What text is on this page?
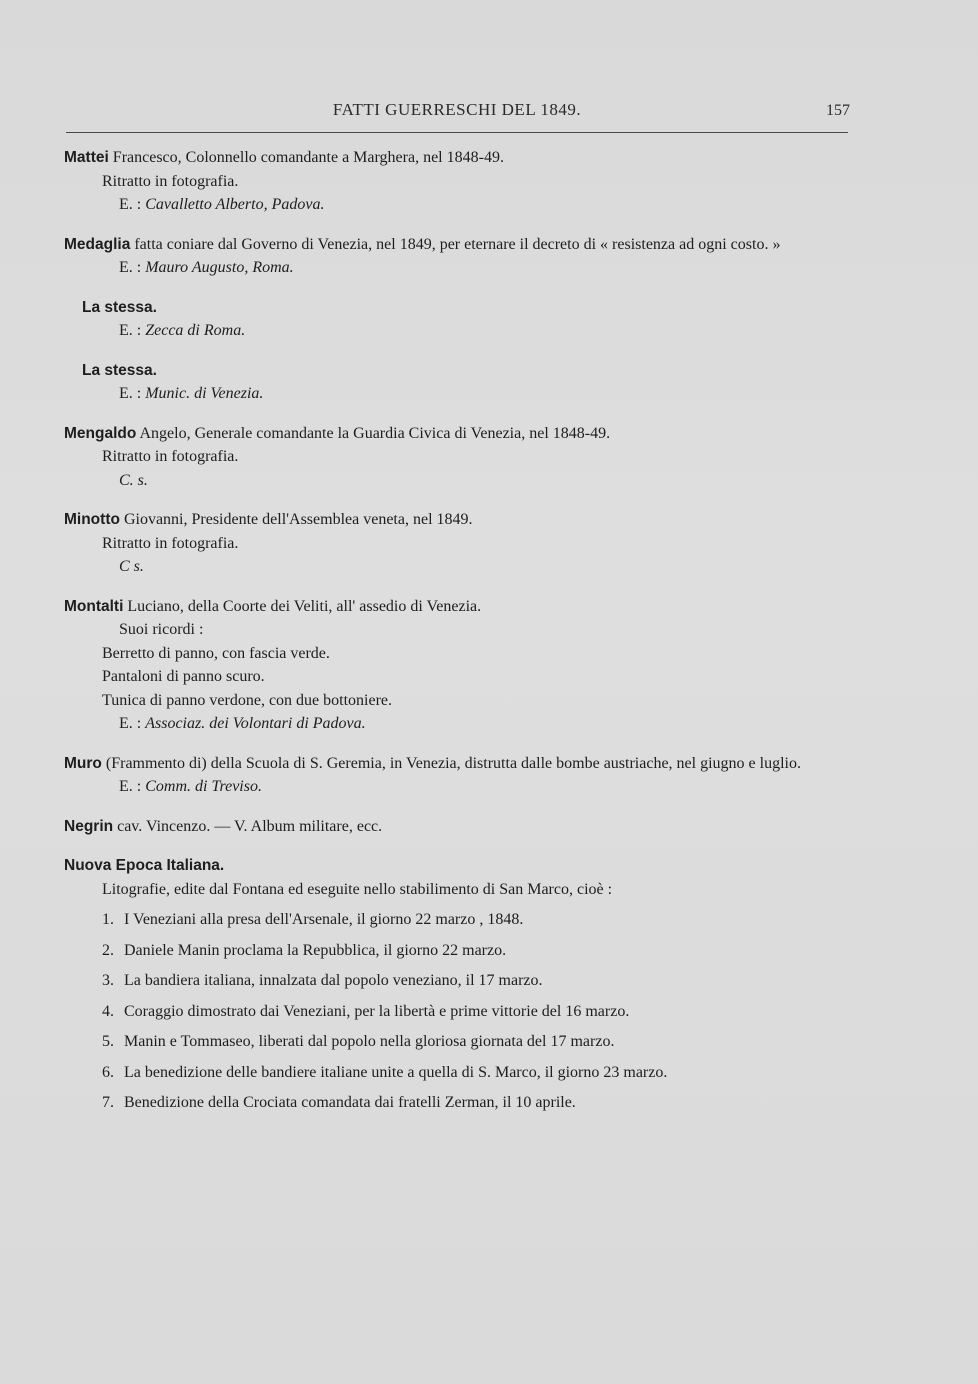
FATTI GUERRESCHI DEL 1849.	157
Mattei Francesco, Colonnello comandante a Marghera, nel 1848-49.
Ritratto in fotografia.
E. : Cavalletto Alberto, Padova.
Medaglia fatta coniare dal Governo di Venezia, nel 1849, per eternare il decreto di « resistenza ad ogni costo. »
E. : Mauro Augusto, Roma.
La stessa.
E. : Zecca di Roma.
La stessa.
E. : Munic. di Venezia.
Mengaldo Angelo, Generale comandante la Guardia Civica di Venezia, nel 1848-49.
Ritratto in fotografia.
C. s.
Minotto Giovanni, Presidente dell'Assemblea veneta, nel 1849.
Ritratto in fotografia.
C s.
Montalti Luciano, della Coorte dei Veliti, all' assedio di Venezia.
Suoi ricordi :
Berretto di panno, con fascia verde.
Pantaloni di panno scuro.
Tunica di panno verdone, con due bottoniere.
E. : Associaz. dei Volontari di Padova.
Muro (Frammento di) della Scuola di S. Geremia, in Venezia, distrutta dalle bombe austriache, nel giugno e luglio.
E. : Comm. di Treviso.
Negrin cav. Vincenzo. — V. Album militare, ecc.
Nuova Epoca Italiana.
Litografie, edite dal Fontana ed eseguite nello stabilimento di San Marco, cioè :
1. I Veneziani alla presa dell'Arsenale, il giorno 22 marzo , 1848.
2. Daniele Manin proclama la Repubblica, il giorno 22 marzo.
3. La bandiera italiana, innalzata dal popolo veneziano, il 17 marzo.
4. Coraggio dimostrato dai Veneziani, per la libertà e prime vittorie del 16 marzo.
5. Manin e Tommaseo, liberati dal popolo nella gloriosa giornata del 17 marzo.
6. La benedizione delle bandiere italiane unite a quella di S. Marco, il giorno 23 marzo.
7. Benedizione della Crociata comandata dai fratelli Zerman, il 10 aprile.
